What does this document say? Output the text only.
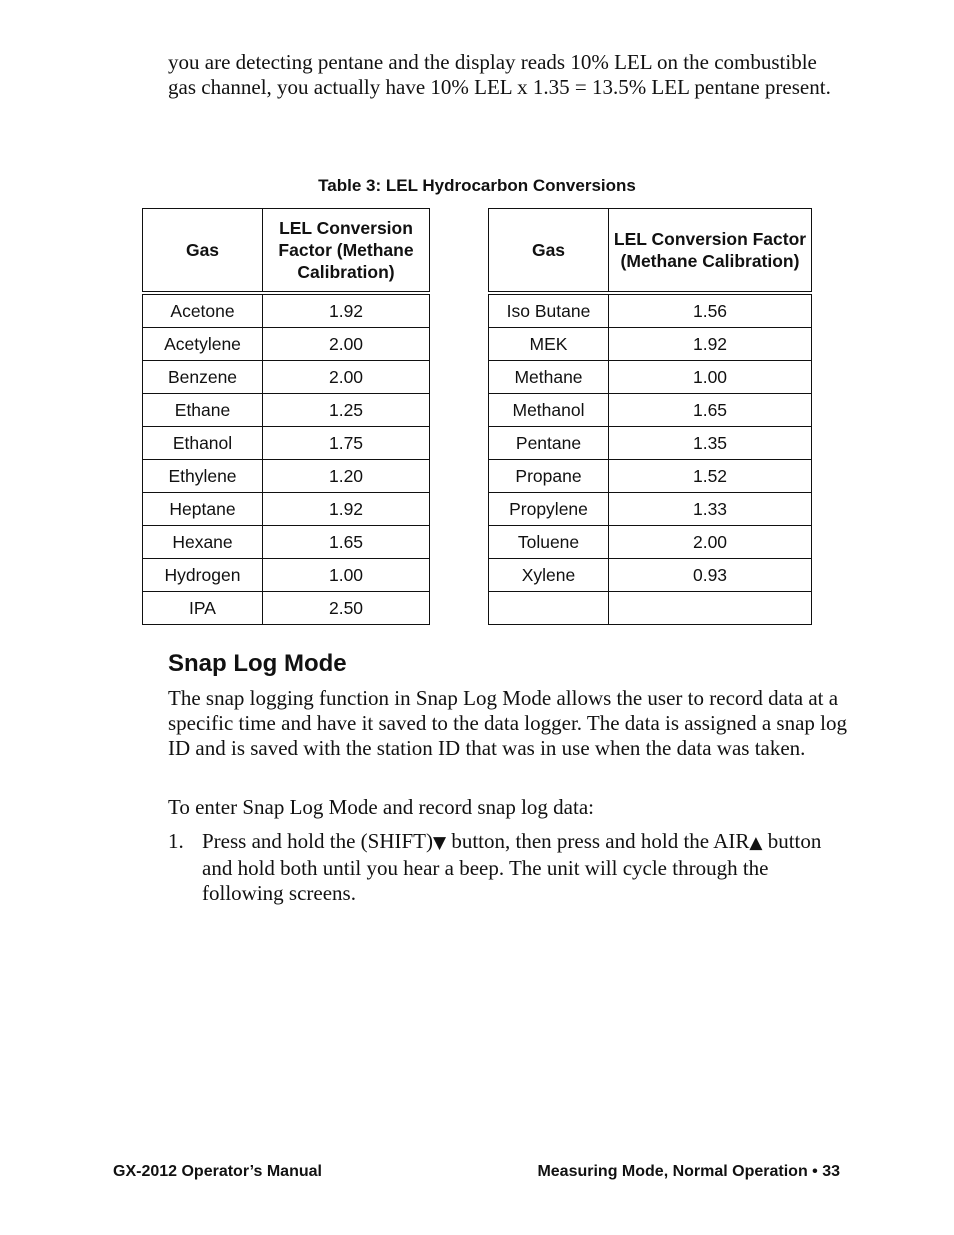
you are detecting pentane and the display reads 10% LEL on the combustible gas channel, you actually have 10% LEL x 1.35 = 13.5% LEL pentane present.

Table 3: LEL Hydrocarbon Conversions

Gas	LEL Conversion Factor (Methane Calibration)
Acetone	1.92
Acetylene	2.00
Benzene	2.00
Ethane	1.25
Ethanol	1.75
Ethylene	1.20
Heptane	1.92
Hexane	1.65
Hydrogen	1.00
IPA	2.50
Gas	LEL Conversion Factor (Methane Calibration)
Iso Butane	1.56
MEK	1.92
Methane	1.00
Methanol	1.65
Pentane	1.35
Propane	1.52
Propylene	1.33
Toluene	2.00
Xylene	0.93

Snap Log Mode

The snap logging function in Snap Log Mode allows the user to record data at a specific time and have it saved to the data logger. The data is assigned a snap log ID and is saved with the station ID that was in use when the data was taken.

To enter Snap Log Mode and record snap log data:

1. Press and hold the (SHIFT)▼ button, then press and hold the AIR▲ button and hold both until you hear a beep. The unit will cycle through the following screens.

GX-2012 Operator’s Manual	Measuring Mode, Normal Operation • 33
